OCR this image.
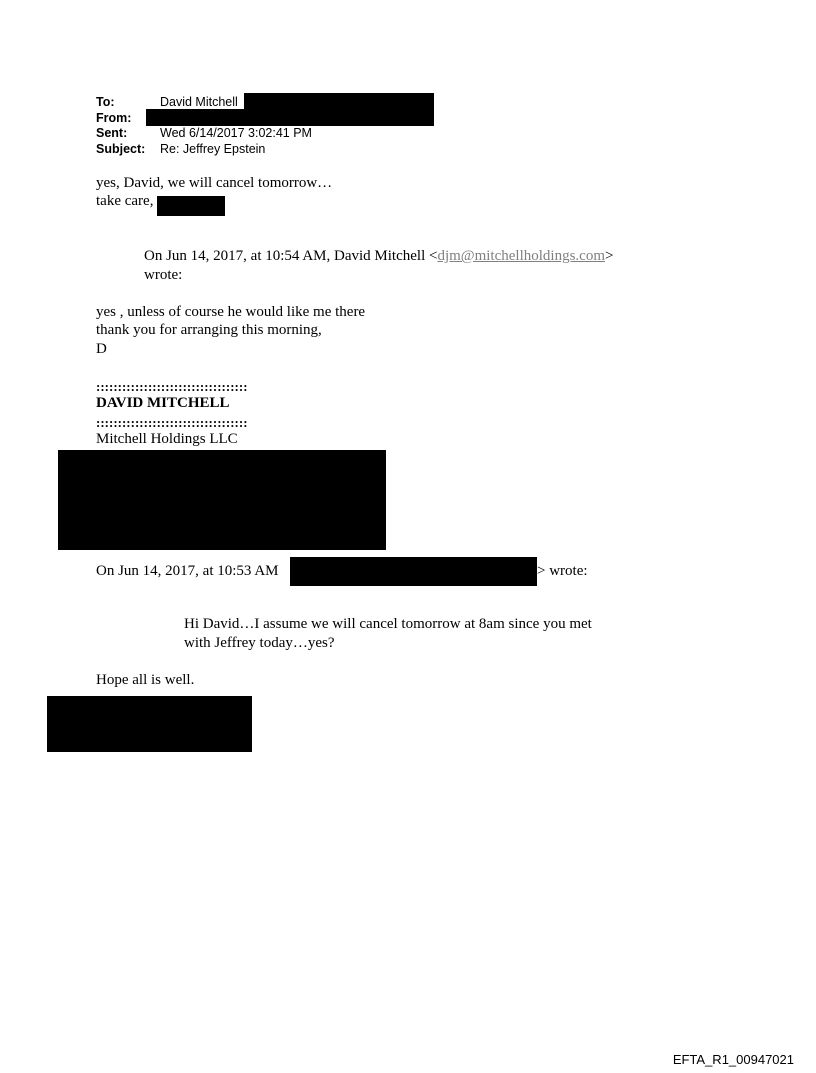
To:	David Mitchell
From:
Sent:	Wed 6/14/2017 3:02:41 PM
Subject: Re: Jeffrey Epstein
yes, David, we will cancel tomorrow…
take care,
On Jun 14, 2017, at 10:54 AM, David Mitchell <djm@mitchellholdings.com>
wrote:
yes , unless of course he would like me there
thank you for arranging this morning,
D
:::::::::::::::::::::::::::::::::::
DAVID MITCHELL
:::::::::::::::::::::::::::::::::::
Mitchell Holdings LLC
On Jun 14, 2017, at 10:53 AM	> wrote:
Hi David…I assume we will cancel tomorrow at 8am since you met
with Jeffrey today…yes?
Hope all is well.
EFTA_R1_00947021
